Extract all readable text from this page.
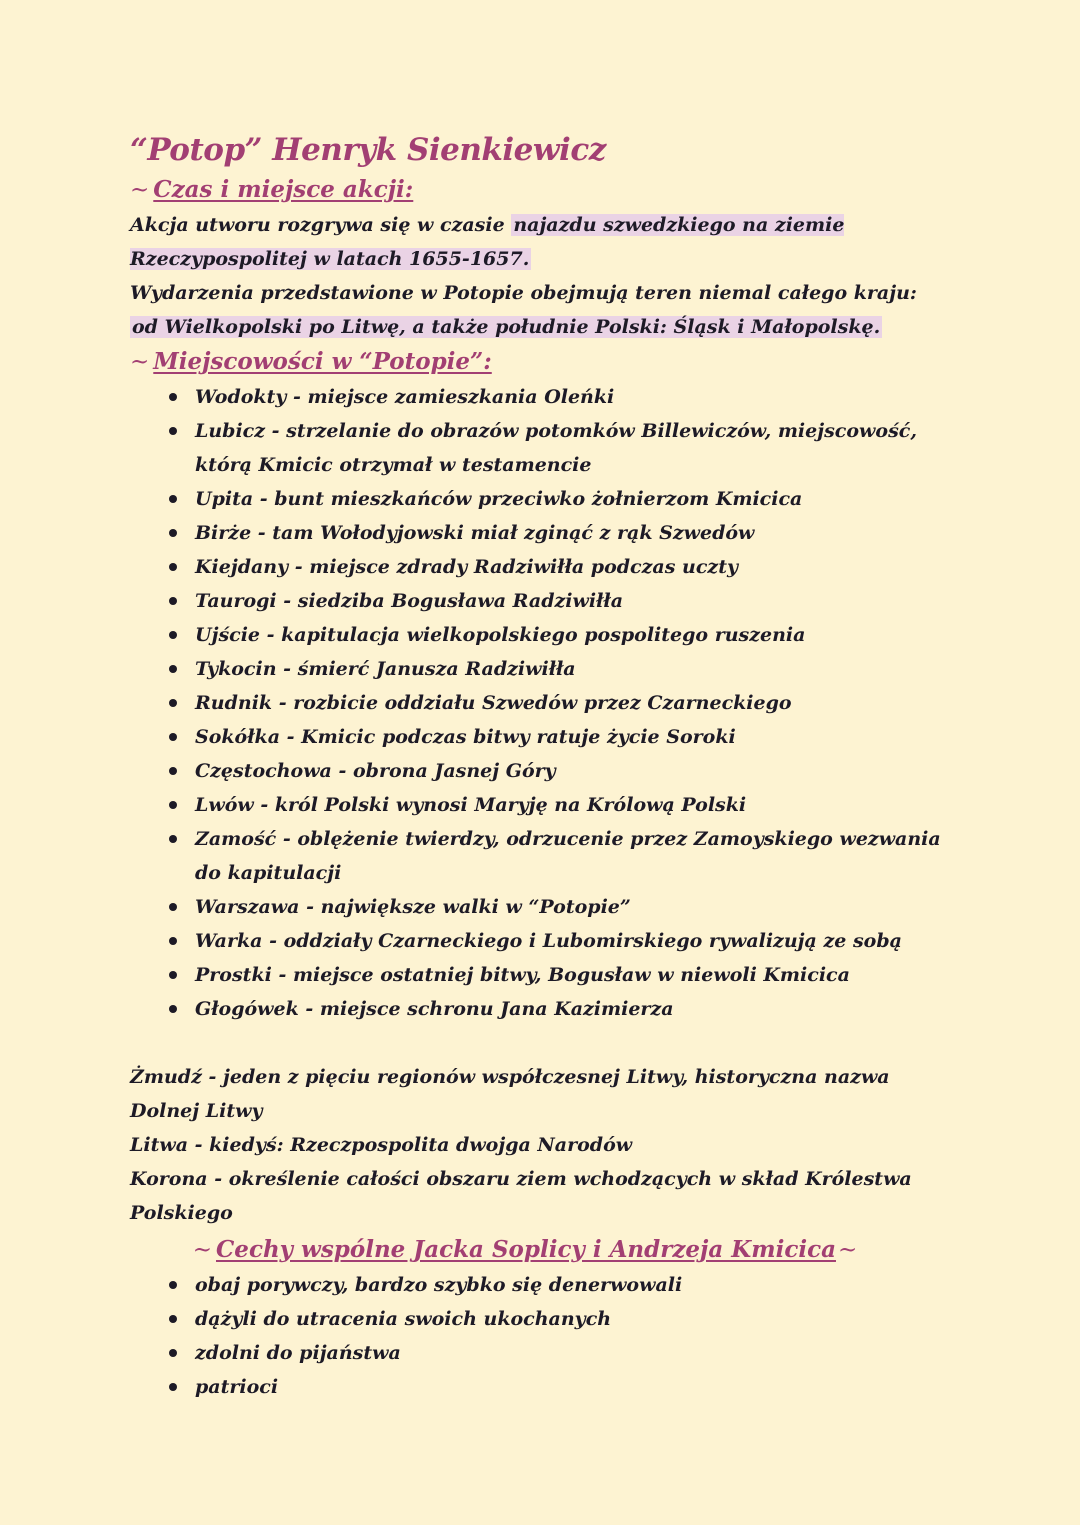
“Potop” Henryk Sienkiewicz
~ Czas i miejsce akcji:

Akcja utworu rozgrywa się w czasie najazdu szwedzkiego na ziemie Rzeczypospolitej w latach 1655-1657.

Wydarzenia przedstawione w Potopie obejmują teren niemal całego kraju: od Wielkopolski po Litwę, a także południe Polski: Śląsk i Małopolskę.

~ Miejscowości w “Potopie”:
Wodokty - miejsce zamieszkania Oleńki
Lubicz - strzelanie do obrazów potomków Billewiczów, miejscowość, którą Kmicic otrzymał w testamencie
Upita - bunt mieszkańców przeciwko żołnierzom Kmicica
Birże - tam Wołodyjowski miał zginąć z rąk Szwedów
Kiejdany - miejsce zdrady Radziwiłła podczas uczty
Taurogi - siedziba Bogusława Radziwiłła
Ujście - kapitulacja wielkopolskiego pospolitego ruszenia
Tykocin - śmierć Janusza Radziwiłła
Rudnik - rozbicie oddziału Szwedów przez Czarneckiego
Sokółka - Kmicic podczas bitwy ratuje życie Soroki
Częstochowa - obrona Jasnej Góry
Lwów - król Polski wynosi Maryję na Królową Polski
Zamość - oblężenie twierdzy, odrzucenie przez Zamoyskiego wezwania do kapitulacji
Warszawa - największe walki w “Potopie”
Warka - oddziały Czarneckiego i Lubomirskiego rywalizują ze sobą
Prostki - miejsce ostatniej bitwy, Bogusław w niewoli Kmicica
Głogówek - miejsce schronu Jana Kazimierza

Żmudź - jeden z pięciu regionów współczesnej Litwy, historyczna nazwa Dolnej Litwy

Litwa - kiedyś: Rzeczpospolita dwojga Narodów

Korona - określenie całości obszaru ziem wchodzących w skład Królestwa Polskiego

~ Cechy wspólne Jacka Soplicy i Andrzeja Kmicica~
obaj porywczy, bardzo szybko się denerwowali
dążyli do utracenia swoich ukochanych
zdolni do pijaństwa
patrioci
